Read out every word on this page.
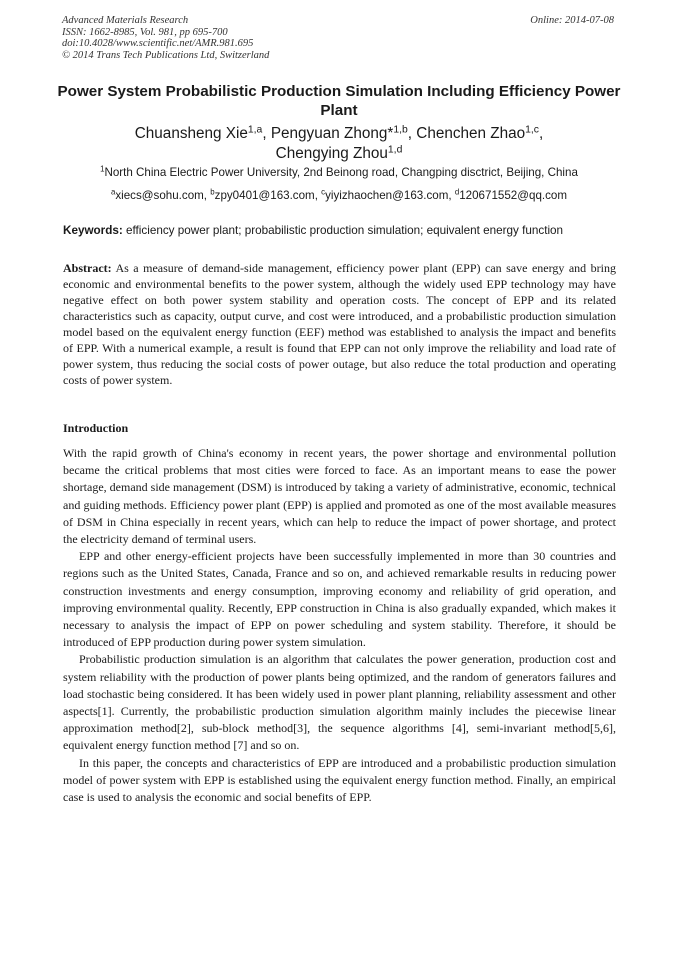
Advanced Materials Research
ISSN: 1662-8985, Vol. 981, pp 695-700
doi:10.4028/www.scientific.net/AMR.981.695
© 2014 Trans Tech Publications Ltd, Switzerland
Online: 2014-07-08
Power System Probabilistic Production Simulation Including Efficiency Power Plant
Chuansheng Xie$^{1,a}$, Pengyuan Zhong*$^{1,b}$, Chenchen Zhao$^{1,c}$,
Chengying Zhou$^{1,d}$
$^1$North China Electric Power University, 2nd Beinong road, Changping disctrict, Beijing, China
$^a$xiecs@sohu.com, $^b$zpy0401@163.com, $^c$yiyizhaochen@163.com, $^d$120671552@qq.com
Keywords: efficiency power plant; probabilistic production simulation; equivalent energy function
Abstract: As a measure of demand-side management, efficiency power plant (EPP) can save energy and bring economic and environmental benefits to the power system, although the widely used EPP technology may have negative effect on both power system stability and operation costs. The concept of EPP and its related characteristics such as capacity, output curve, and cost were introduced, and a probabilistic production simulation model based on the equivalent energy function (EEF) method was established to analysis the impact and benefits of EPP. With a numerical example, a result is found that EPP can not only improve the reliability and load rate of power system, thus reducing the social costs of power outage, but also reduce the total production and operating costs of power system.
Introduction

With the rapid growth of China's economy in recent years, the power shortage and environmental pollution became the critical problems that most cities were forced to face. As an important means to ease the power shortage, demand side management (DSM) is introduced by taking a variety of administrative, economic, technical and guiding methods. Efficiency power plant (EPP) is applied and promoted as one of the most available measures of DSM in China especially in recent years, which can help to reduce the impact of power shortage, and protect the electricity demand of terminal users.

EPP and other energy-efficient projects have been successfully implemented in more than 30 countries and regions such as the United States, Canada, France and so on, and achieved remarkable results in reducing power construction investments and energy consumption, improving economy and reliability of grid operation, and improving environmental quality. Recently, EPP construction in China is also gradually expanded, which makes it necessary to analysis the impact of EPP on power scheduling and system stability. Therefore, it should be introduced of EPP production during power system simulation.

Probabilistic production simulation is an algorithm that calculates the power generation, production cost and system reliability with the production of power plants being optimized, and the random of generators failures and load stochastic being considered. It has been widely used in power plant planning, reliability assessment and other aspects[1]. Currently, the probabilistic production simulation algorithm mainly includes the piecewise linear approximation method[2], sub-block method[3], the sequence algorithms [4], semi-invariant method[5,6], equivalent energy function method [7] and so on.

In this paper, the concepts and characteristics of EPP are introduced and a probabilistic production simulation model of power system with EPP is established using the equivalent energy function method. Finally, an empirical case is used to analysis the economic and social benefits of EPP.
